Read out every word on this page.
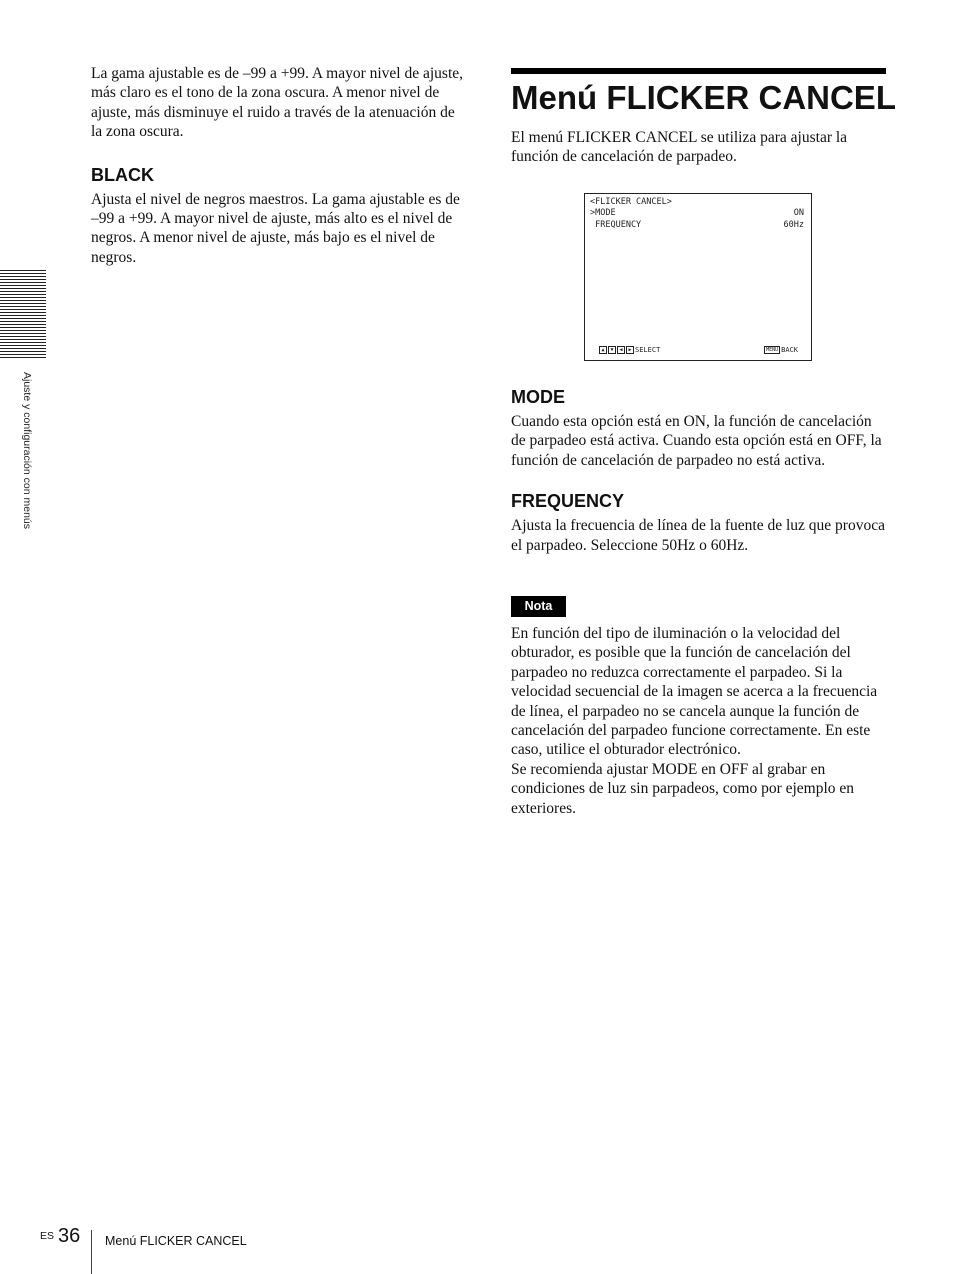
Ajuste y configuración con menús

La gama ajustable es de –99 a +99. A mayor nivel de ajuste, más claro es el tono de la zona oscura. A menor nivel de ajuste, más disminuye el ruido a través de la atenuación de la zona oscura.

BLACK

Ajusta el nivel de negros maestros. La gama ajustable es de –99 a +99. A mayor nivel de ajuste, más alto es el nivel de negros. A menor nivel de ajuste, más bajo es el nivel de negros.

Menú FLICKER CANCEL

El menú FLICKER CANCEL se utiliza para ajustar la función de cancelación de parpadeo.

<FLICKER CANCEL>
>MODE	ON
FREQUENCY	60Hz
▲	▼	◀	▶ SELECT	MENU BACK
MODE

Cuando esta opción está en ON, la función de cancelación de parpadeo está activa. Cuando esta opción está en OFF, la función de cancelación de parpadeo no está activa.

FREQUENCY

Ajusta la frecuencia de línea de la fuente de luz que provoca el parpadeo. Seleccione 50Hz o 60Hz.

Nota

En función del tipo de iluminación o la velocidad del obturador, es posible que la función de cancelación del parpadeo no reduzca correctamente el parpadeo. Si la velocidad secuencial de la imagen se acerca a la frecuencia de línea, el parpadeo no se cancela aunque la función de cancelación del parpadeo funcione correctamente. En este caso, utilice el obturador electrónico.

Se recomienda ajustar MODE en OFF al grabar en condiciones de luz sin parpadeos, como por ejemplo en exteriores.

ES 36 Menú FLICKER CANCEL
